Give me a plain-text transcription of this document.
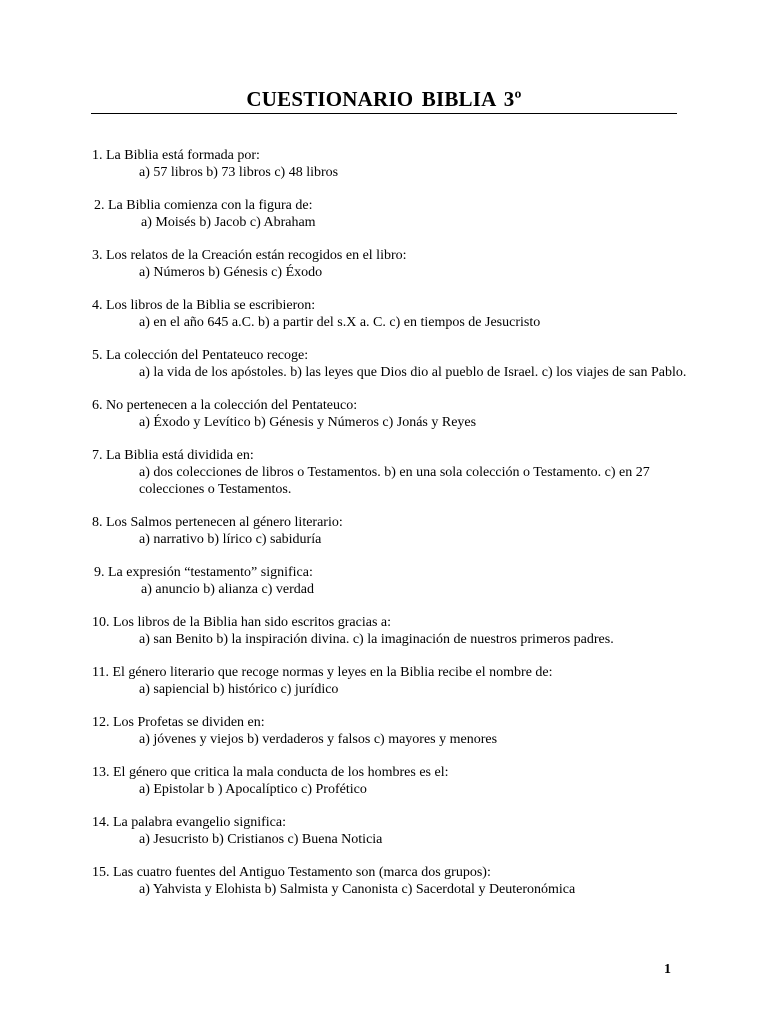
CUESTIONARIO BIBLIA 3º
1. La Biblia está formada por:
a) 57 libros b) 73 libros c) 48 libros
2. La Biblia comienza con la figura de:
a) Moisés b) Jacob c) Abraham
3. Los relatos de la Creación están recogidos en el libro:
a) Números b) Génesis c) Éxodo
4. Los libros de la Biblia se escribieron:
a) en el año 645 a.C. b) a partir del s.X a. C. c) en tiempos de Jesucristo
5. La colección del Pentateuco recoge:
a) la vida de los apóstoles. b) las leyes que Dios dio al pueblo de Israel. c) los viajes de san Pablo.
6. No pertenecen a la colección del Pentateuco:
a) Éxodo y Levítico b) Génesis y Números c) Jonás y Reyes
7. La Biblia está dividida en:
a) dos colecciones de libros o Testamentos. b) en una sola colección o Testamento. c) en 27 colecciones o Testamentos.
8. Los Salmos pertenecen al género literario:
a) narrativo b) lírico c) sabiduría
9. La expresión “testamento” significa:
a) anuncio b) alianza c) verdad
10. Los libros de la Biblia han sido escritos gracias a:
a) san Benito b) la inspiración divina. c) la imaginación de nuestros primeros padres.
11. El género literario que recoge normas y leyes en la Biblia recibe el nombre de:
a) sapiencial b) histórico c) jurídico
12. Los Profetas se dividen en:
a) jóvenes y viejos b) verdaderos y falsos c) mayores y menores
13. El género que critica la mala conducta de los hombres es el:
a) Epistolar b ) Apocalíptico c) Profético
14. La palabra evangelio significa:
a) Jesucristo b) Cristianos c) Buena Noticia
15. Las cuatro fuentes del Antiguo Testamento son (marca dos grupos):
a) Yahvista y Elohista b) Salmista y Canonista c) Sacerdotal y Deuteronómica
1
